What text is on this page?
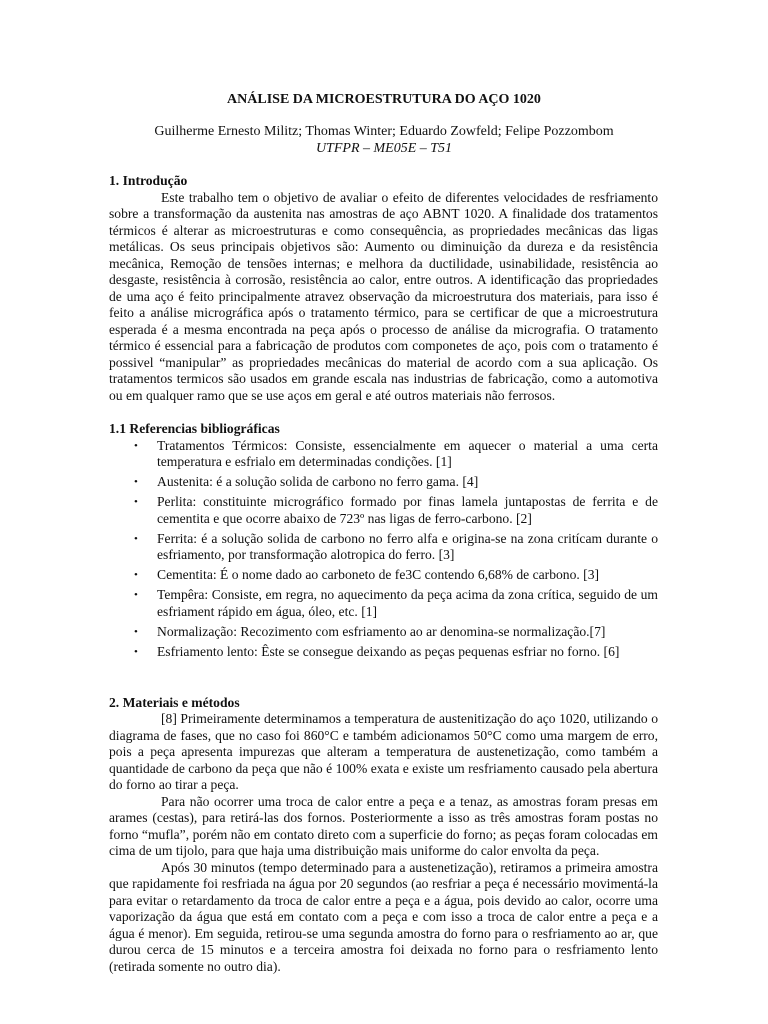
ANÁLISE DA MICROESTRUTURA DO AÇO 1020
Guilherme Ernesto Militz; Thomas Winter; Eduardo Zowfeld; Felipe Pozzombom
UTFPR – ME05E – T51
1. Introdução

Este trabalho tem o objetivo de avaliar o efeito de diferentes velocidades de resfriamento sobre a transformação da austenita nas amostras de aço ABNT 1020. A finalidade dos tratamentos térmicos é alterar as microestruturas e como consequência, as propriedades mecânicas das ligas metálicas. Os seus principais objetivos são: Aumento ou diminuição da dureza e da resistência mecânica, Remoção de tensões internas; e melhora da ductilidade, usinabilidade, resistência ao desgaste, resistência à corrosão, resistência ao calor, entre outros. A identificação das propriedades de uma aço é feito principalmente atravez observação da microestrutura dos materiais, para isso é feito a análise micrográfica após o tratamento térmico, para se certificar de que a microestrutura esperada é a mesma encontrada na peça após o processo de análise da micrografia. O tratamento térmico é essencial para a fabricação de produtos com componetes de aço, pois com o tratamento é possivel “manipular” as propriedades mecânicas do material de acordo com a sua aplicação. Os tratamentos termicos são usados em grande escala nas industrias de fabricação, como a automotiva ou em qualquer ramo que se use aços em geral e até outros materiais não ferrosos.

1.1 Referencias bibliográficas
• Tratamentos Térmicos: Consiste, essencialmente em aquecer o material a uma certa temperatura e esfrialo em determinadas condições. [1]
• Austenita: é a solução solida de carbono no ferro gama. [4]
• Perlita: constituinte micrográfico formado por finas lamela juntapostas de ferrita e de cementita e que ocorre abaixo de 723º nas ligas de ferro-carbono. [2]
• Ferrita: é a solução solida de carbono no ferro alfa e origina-se na zona critícam durante o esfriamento, por transformação alotropica do ferro. [3]
• Cementita: É o nome dado ao carboneto de fe3C contendo 6,68% de carbono. [3]
• Tempêra: Consiste, em regra, no aquecimento da peça acima da zona crítica, seguido de um esfriament rápido em água, óleo, etc. [1]
• Normalização: Recozimento com esfriamento ao ar denomina-se normalização.[7]
• Esfriamento lento: Êste se consegue deixando as peças pequenas esfriar no forno. [6]
2. Materiais e métodos

[8] Primeiramente determinamos a temperatura de austenitização do aço 1020, utilizando o diagrama de fases, que no caso foi 860°C e também adicionamos 50°C como uma margem de erro, pois a peça apresenta impurezas que alteram a temperatura de austenetização, como também a quantidade de carbono da peça que não é 100% exata e existe um resfriamento causado pela abertura do forno ao tirar a peça.

Para não ocorrer uma troca de calor entre a peça e a tenaz, as amostras foram presas em arames (cestas), para retirá-las dos fornos. Posteriormente a isso as três amostras foram postas no forno “mufla”, porém não em contato direto com a superficie do forno; as peças foram colocadas em cima de um tijolo, para que haja uma distribuição mais uniforme do calor envolta da peça.

Após 30 minutos (tempo determinado para a austenetização), retiramos a primeira amostra que rapidamente foi resfriada na água por 20 segundos (ao resfriar a peça é necessário movimentá-la para evitar o retardamento da troca de calor entre a peça e a água, pois devido ao calor, ocorre uma vaporização da água que está em contato com a peça e com isso a troca de calor entre a peça e a água é menor). Em seguida, retirou-se uma segunda amostra do forno para o resfriamento ao ar, que durou cerca de 15 minutos e a terceira amostra foi deixada no forno para o resfriamento lento (retirada somente no outro dia).
